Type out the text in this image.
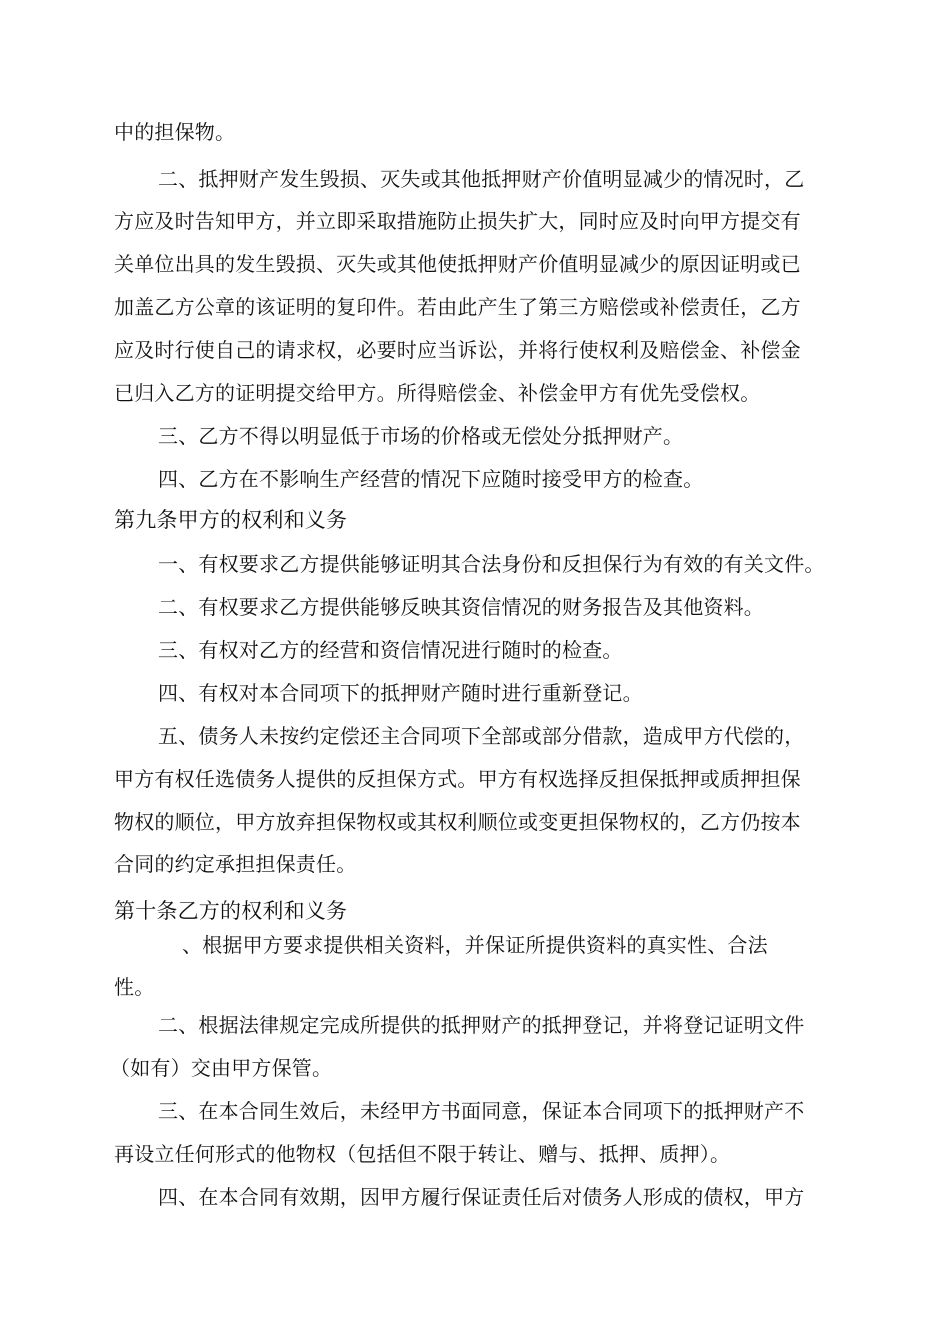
中的担保物。
二、抵押财产发生毁损、灭失或其他抵押财产价值明显减少的情况时，乙
方应及时告知甲方，并立即采取措施防止损失扩大，同时应及时向甲方提交有
关单位出具的发生毁损、灭失或其他使抵押财产价值明显减少的原因证明或已
加盖乙方公章的该证明的复印件。若由此产生了第三方赔偿或补偿责任，乙方
应及时行使自己的请求权，必要时应当诉讼，并将行使权利及赔偿金、补偿金
已归入乙方的证明提交给甲方。所得赔偿金、补偿金甲方有优先受偿权。
三、乙方不得以明显低于市场的价格或无偿处分抵押财产。
四、乙方在不影响生产经营的情况下应随时接受甲方的检查。
第九条甲方的权利和义务
一、有权要求乙方提供能够证明其合法身份和反担保行为有效的有关文件。
二、有权要求乙方提供能够反映其资信情况的财务报告及其他资料。
三、有权对乙方的经营和资信情况进行随时的检查。
四、有权对本合同项下的抵押财产随时进行重新登记。
五、债务人未按约定偿还主合同项下全部或部分借款，造成甲方代偿的，
甲方有权任选债务人提供的反担保方式。甲方有权选择反担保抵押或质押担保
物权的顺位，甲方放弃担保物权或其权利顺位或变更担保物权的，乙方仍按本
合同的约定承担担保责任。
第十条乙方的权利和义务
、根据甲方要求提供相关资料，并保证所提供资料的真实性、合法
性。
二、根据法律规定完成所提供的抵押财产的抵押登记，并将登记证明文件
（如有）交由甲方保管。
三、在本合同生效后，未经甲方书面同意，保证本合同项下的抵押财产不
再设立任何形式的他物权（包括但不限于转让、赠与、抵押、质押）。
四、在本合同有效期，因甲方履行保证责任后对债务人形成的债权，甲方
